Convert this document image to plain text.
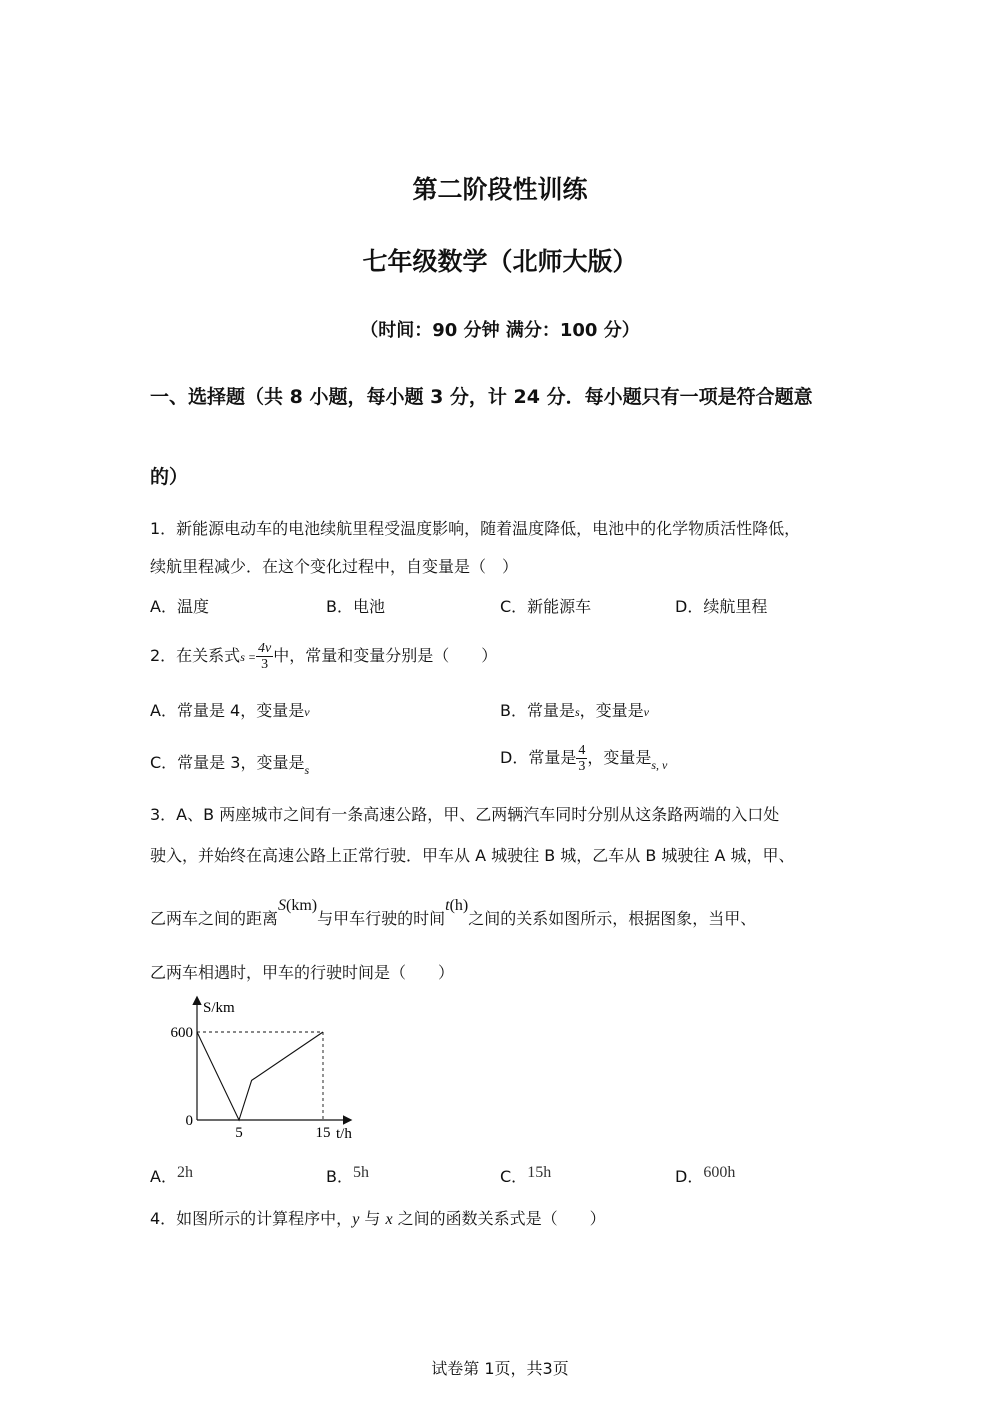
第二阶段性训练
七年级数学（北师大版）
（时间：90 分钟 满分：100 分）
一、选择题（共 8 小题，每小题 3 分，计 24 分．每小题只有一项是符合题意
的）
1．新能源电动车的电池续航里程受温度影响，随着温度降低，电池中的化学物质活性降低，
续航里程减少．在这个变化过程中，自变量是（　）
A．温度	B．电池	C．新能源车	D．续航里程
2．在关系式$s = \frac{4v}{3}$ 中，常量和变量分别是（　　）
A．常量是 4，变量是v	B．常量是s，变量是v
C．常量是 3，变量是$_s$
D．常量是 $\frac{4}{3}$ ，变量是$_{s, v}$
3．A、B 两座城市之间有一条高速公路，甲、乙两辆汽车同时分别从这条路两端的入口处
驶入，并始终在高速公路上正常行驶．甲车从 A 城驶往 B 城，乙车从 B 城驶往 A 城，甲、
乙两车之间的距离S(km)与甲车行驶的时间t(h)之间的关系如图所示，根据图象，当甲、
乙两车相遇时，甲车的行驶时间是（　　）
S/km
t/h
5	15
0
600
A．2h	B．5h	C．15h	D．600h
4．如图所示的计算程序中，y 与 x 之间的函数关系式是（　　）
试卷第 1页，共3页
